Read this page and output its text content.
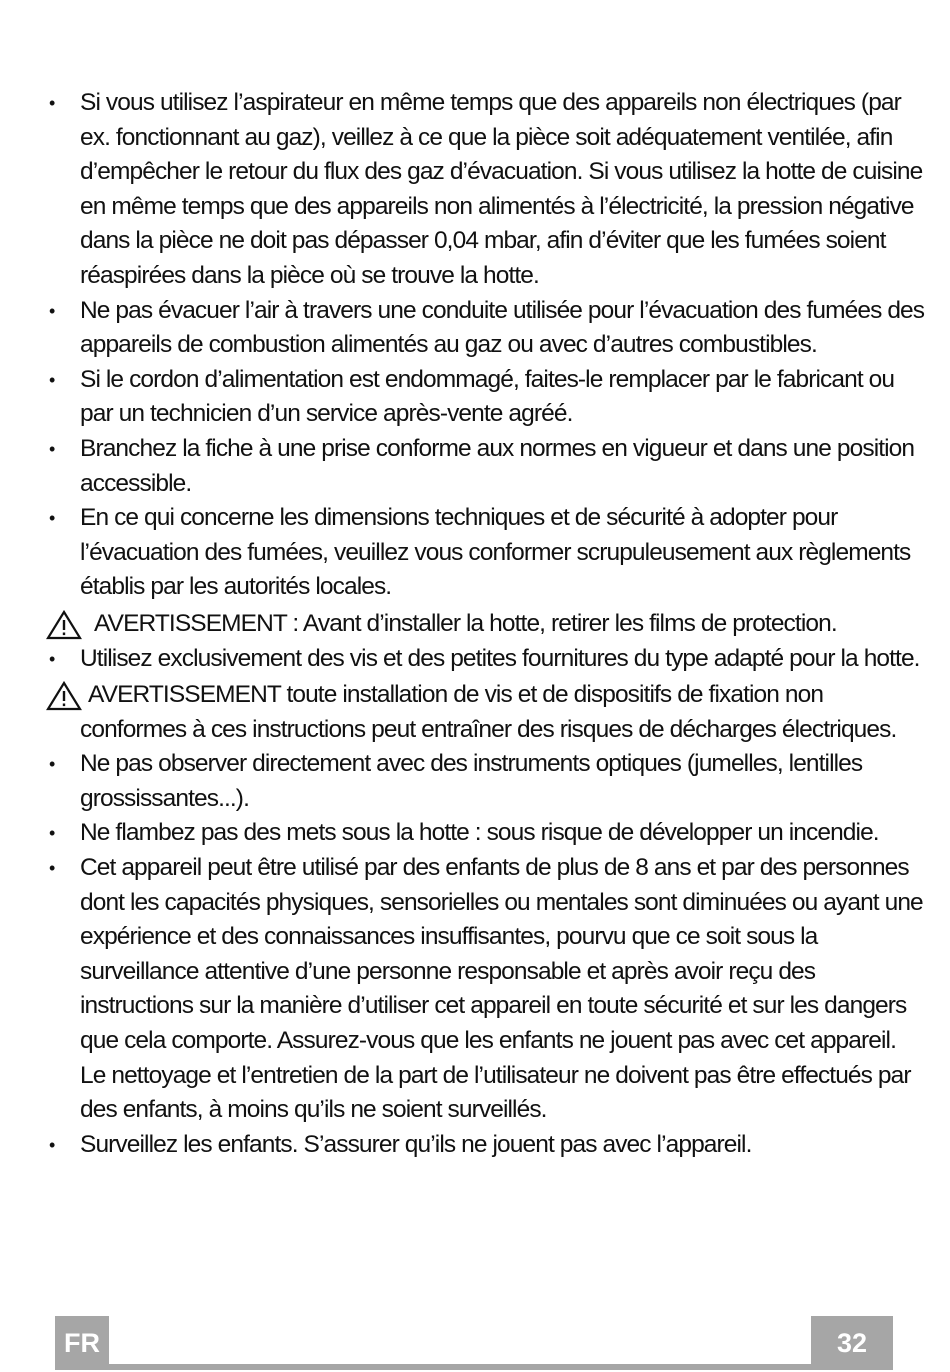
• Si vous utilisez l’aspirateur en même temps que des appareils non électriques (par ex. fonctionnant au gaz), veillez à ce que la pièce soit adéquatement ventilée, afin d’empêcher le retour du flux des gaz d’évacuation. Si vous utilisez la hotte de cuisine en même temps que des appareils non alimentés à l’électricité, la pression négative dans la pièce ne doit pas dépasser 0,04 mbar, afin d’éviter que les fumées soient réaspirées dans la pièce où se trouve la hotte.
• Ne pas évacuer l’air à travers une conduite utilisée pour l’évacuation des fumées des appareils de combustion alimentés au gaz ou avec d’autres combustibles.
• Si le cordon d’alimentation est endommagé, faites-le remplacer par le fabricant ou par un technicien d’un service après-vente agréé.
• Branchez la fiche à une prise conforme aux normes en vigueur et dans une position accessible.
• En ce qui concerne les dimensions techniques et de sécurité à adopter pour l’évacuation des fumées, veuillez vous conformer scrupuleusement aux règlements établis par les autorités locales.
AVERTISSEMENT : Avant d’installer la hotte, retirer les films de protection.
• Utilisez exclusivement des vis et des petites fournitures du type adapté pour la hotte.
AVERTISSEMENT toute installation de vis et de dispositifs de fixation non conformes à ces instructions peut entraîner des risques de décharges électriques.
• Ne pas observer directement avec des instruments optiques (jumelles, lentilles grossissantes...).
• Ne flambez pas des mets sous la hotte : sous risque de développer un incendie.
• Cet appareil peut être utilisé par des enfants de plus de 8 ans et par des personnes dont les capacités physiques, sensorielles ou mentales sont diminuées ou ayant une expérience et des connaissances insuffisantes, pourvu que ce soit sous la surveillance attentive d’une personne responsable et après avoir reçu des instructions sur la manière d’utiliser cet appareil en toute sécurité et sur les dangers que cela comporte. Assurez-vous que les enfants ne jouent pas avec cet appareil. Le nettoyage et l’entretien de la part de l’utilisateur ne doivent pas être effectués par des enfants, à moins qu’ils ne soient surveillés.
• Surveillez les enfants. S’assurer qu’ils ne jouent pas avec l’appareil.
FR	32
